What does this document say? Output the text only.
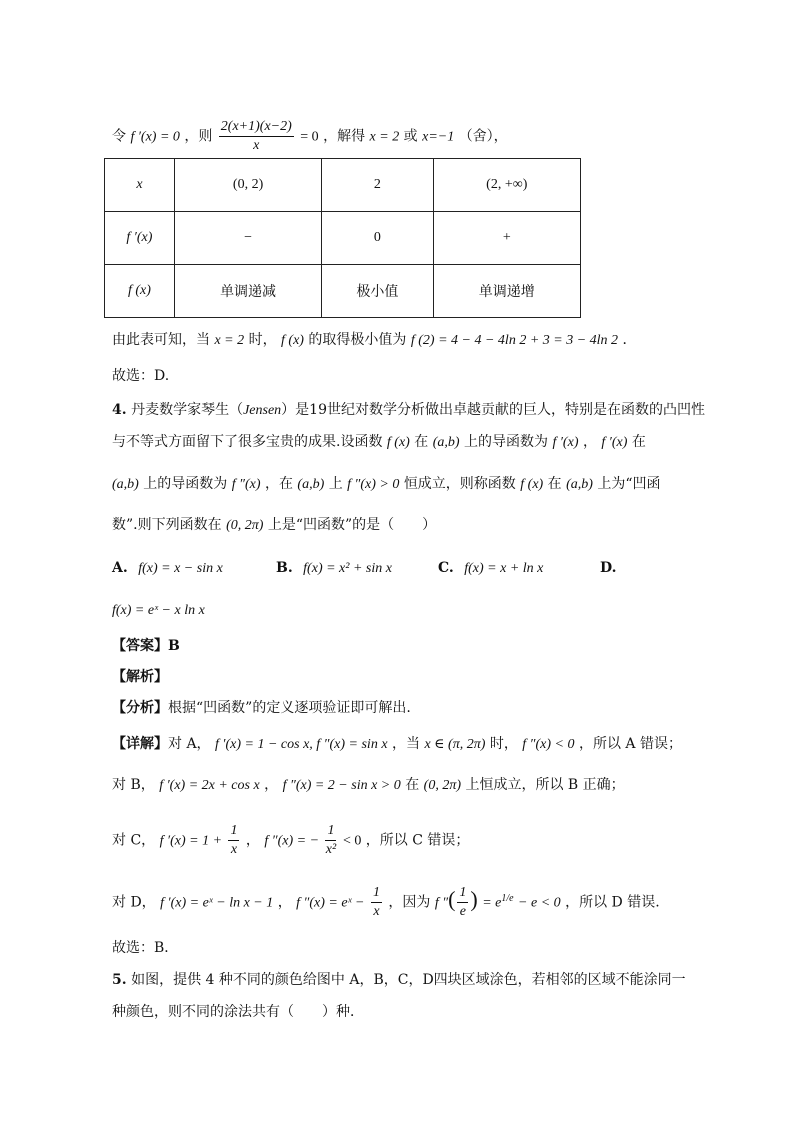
令 f ′(x) = 0 ，则 $\frac{2(x+1)(x-2)}{x} = 0$ ，解得 x = 2 或 x=−1 （舍），
x	(0, 2)	2	(2, +∞)
f ′(x)	−	0	+
f (x)	单调递减	极小值	单调递增
由此表可知，当 x = 2 时， f (x) 的取得极小值为 f (2) = 4 − 4 − 4ln 2 + 3 = 3 − 4ln 2 ．
故选：D.
4. 丹麦数学家琴生（Jensen）是19世纪对数学分析做出卓越贡献的巨人，特别是在函数的凸凹性
与不等式方面留下了很多宝贵的成果.设函数 f (x) 在 (a,b) 上的导函数为 f ′(x) ， f ′(x) 在
(a,b) 上的导函数为 f ″(x) ，在 (a,b) 上 f ″(x) > 0 恒成立，则称函数 f (x) 在 (a,b) 上为“凹函
数”.则下列函数在 (0, 2π) 上是“凹函数”的是（　　）
A. f(x) = x − sin x	B. f(x) = x² + sin x	C. f(x) = x + ln x	D.
f(x) = eˣ − x ln x
【答案】B
【解析】
【分析】根据“凹函数”的定义逐项验证即可解出.
【详解】对 A， f ′(x) = 1 − cos x, f ″(x) = sin x ，当 x ∈ (π, 2π) 时， f ″(x) < 0 ，所以 A 错误；
对 B， f ′(x) = 2x + cos x ， f ″(x) = 2 − sin x > 0 在 (0, 2π) 上恒成立，所以 B 正确；
对 C， f $'(x) = 1 + \frac{1}{x}$ ， f ″(x) = − $\frac{1}{\text{x²}} < 0$ ，所以 C 错误；
对 D， f ′(x) = eˣ − ln x − 1 ， f ″(x) = eˣ − $\frac{1}{x}$ ，因为 f ″( $\frac{1}{e}$ ) = $e^{1/e} - e < 0$ ，所以 D 错误.
故选：B．
5. 如图，提供 4 种不同的颜色给图中 A，B，C，D四块区域涂色，若相邻的区域不能涂同一
种颜色，则不同的涂法共有（　　）种．
